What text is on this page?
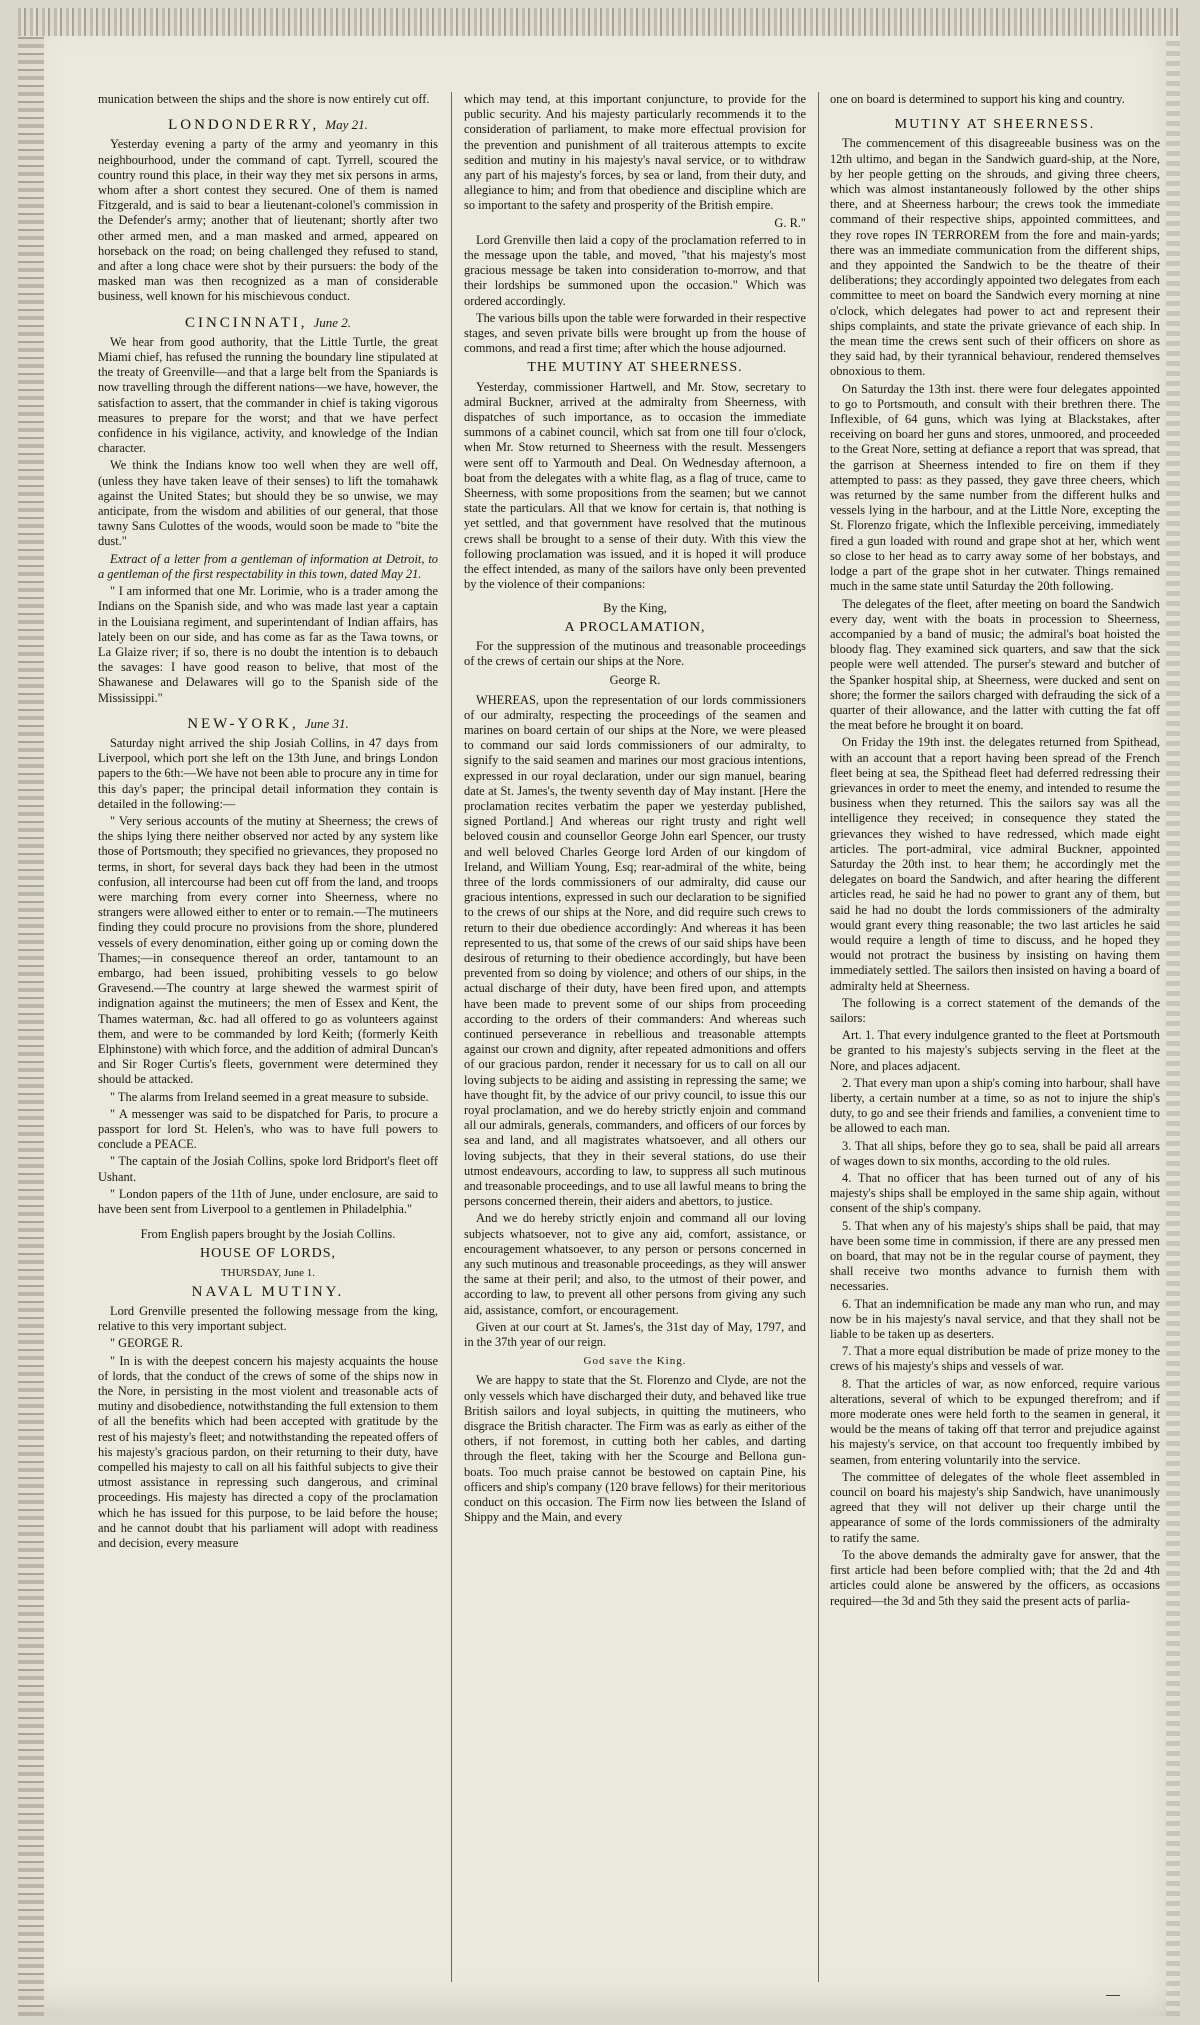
munication between the ships and the shore is now entirely cut off.

LONDONDERRY, May 21.

Yesterday evening a party of the army and yeomanry in this neighbourhood, under the command of capt. Tyrrell, scoured the country round this place, in their way they met six persons in arms, whom after a short contest they secured. One of them is named Fitzgerald, and is said to bear a lieutenant-colonel's commission in the Defender's army; another that of lieutenant; shortly after two other armed men, and a man masked and armed, appeared on horseback on the road; on being challenged they refused to stand, and after a long chace were shot by their pursuers: the body of the masked man was then recognized as a man of considerable business, well known for his mischievous conduct.

CINCINNATI, June 2.

We hear from good authority, that the Little Turtle, the great Miami chief, has refused the running the boundary line stipulated at the treaty of Greenville—and that a large belt from the Spaniards is now travelling through the different nations—we have, however, the satisfaction to assert, that the commander in chief is taking vigorous measures to prepare for the worst; and that we have perfect confidence in his vigilance, activity, and knowledge of the Indian character.

We think the Indians know too well when they are well off, (unless they have taken leave of their senses) to lift the tomahawk against the United States; but should they be so unwise, we may anticipate, from the wisdom and abilities of our general, that those tawny Sans Culottes of the woods, would soon be made to "bite the dust."

Extract of a letter from a gentleman of information at Detroit, to a gentleman of the first respectability in this town, dated May 21.

" I am informed that one Mr. Lorimie, who is a trader among the Indians on the Spanish side, and who was made last year a captain in the Louisiana regiment, and superintendant of Indian affairs, has lately been on our side, and has come as far as the Tawa towns, or La Glaize river; if so, there is no doubt the intention is to debauch the savages: I have good reason to belive, that most of the Shawanese and Delawares will go to the Spanish side of the Mississippi."

NEW-YORK, June 31.

Saturday night arrived the ship Josiah Collins, in 47 days from Liverpool, which port she left on the 13th June, and brings London papers to the 6th:—We have not been able to procure any in time for this day's paper; the principal detail information they contain is detailed in the following:—

" Very serious accounts of the mutiny at Sheerness; the crews of the ships lying there neither observed nor acted by any system like those of Portsmouth; they specified no grievances, they proposed no terms, in short, for several days back they had been in the utmost confusion, all intercourse had been cut off from the land, and troops were marching from every corner into Sheerness, where no strangers were allowed either to enter or to remain.—The mutineers finding they could procure no provisions from the shore, plundered vessels of every denomination, either going up or coming down the Thames;—in consequence thereof an order, tantamount to an embargo, had been issued, prohibiting vessels to go below Gravesend.—The country at large shewed the warmest spirit of indignation against the mutineers; the men of Essex and Kent, the Thames waterman, &c. had all offered to go as volunteers against them, and were to be commanded by lord Keith; (formerly Keith Elphinstone) with which force, and the addition of admiral Duncan's and Sir Roger Curtis's fleets, government were determined they should be attacked.

" The alarms from Ireland seemed in a great measure to subside.

" A messenger was said to be dispatched for Paris, to procure a passport for lord St. Helen's, who was to have full powers to conclude a PEACE.

" The captain of the Josiah Collins, spoke lord Bridport's fleet off Ushant.

" London papers of the 11th of June, under enclosure, are said to have been sent from Liverpool to a gentlemen in Philadelphia."

From English papers brought by the Josiah Collins.

HOUSE OF LORDS,

THURSDAY, June 1.

NAVAL MUTINY.

Lord Grenville presented the following message from the king, relative to this very important subject.

" GEORGE R.

" In is with the deepest concern his majesty acquaints the house of lords, that the conduct of the crews of some of the ships now in the Nore, in persisting in the most violent and treasonable acts of mutiny and disobedience, notwithstanding the full extension to them of all the benefits which had been accepted with gratitude by the rest of his majesty's fleet; and notwithstanding the repeated offers of his majesty's gracious pardon, on their returning to their duty, have compelled his majesty to call on all his faithful subjects to give their utmost assistance in repressing such dangerous, and criminal proceedings. His majesty has directed a copy of the proclamation which he has issued for this purpose, to be laid before the house; and he cannot doubt that his parliament will adopt with readiness and decision, every measure

which may tend, at this important conjuncture, to provide for the public security. And his majesty particularly recommends it to the consideration of parliament, to make more effectual provision for the prevention and punishment of all traiterous attempts to excite sedition and mutiny in his majesty's naval service, or to withdraw any part of his majesty's forces, by sea or land, from their duty, and allegiance to him; and from that obedience and discipline which are so important to the safety and prosperity of the British empire.

G. R."

Lord Grenville then laid a copy of the proclamation referred to in the message upon the table, and moved, "that his majesty's most gracious message be taken into consideration to-morrow, and that their lordships be summoned upon the occasion." Which was ordered accordingly.

The various bills upon the table were forwarded in their respective stages, and seven private bills were brought up from the house of commons, and read a first time; after which the house adjourned.

THE MUTINY AT SHEERNESS.

Yesterday, commissioner Hartwell, and Mr. Stow, secretary to admiral Buckner, arrived at the admiralty from Sheerness, with dispatches of such importance, as to occasion the immediate summons of a cabinet council, which sat from one till four o'clock, when Mr. Stow returned to Sheerness with the result. Messengers were sent off to Yarmouth and Deal. On Wednesday afternoon, a boat from the delegates with a white flag, as a flag of truce, came to Sheerness, with some propositions from the seamen; but we cannot state the particulars. All that we know for certain is, that nothing is yet settled, and that government have resolved that the mutinous crews shall be brought to a sense of their duty. With this view the following proclamation was issued, and it is hoped it will produce the effect intended, as many of the sailors have only been prevented by the violence of their companions:

By the King,

A PROCLAMATION,

For the suppression of the mutinous and treasonable proceedings of the crews of certain our ships at the Nore.

George R.

WHEREAS, upon the representation of our lords commissioners of our admiralty, respecting the proceedings of the seamen and marines on board certain of our ships at the Nore, we were pleased to command our said lords commissioners of our admiralty, to signify to the said seamen and marines our most gracious intentions, expressed in our royal declaration, under our sign manuel, bearing date at St. James's, the twenty seventh day of May instant. [Here the proclamation recites verbatim the paper we yesterday published, signed Portland.] And whereas our right trusty and right well beloved cousin and counsellor George John earl Spencer, our trusty and well beloved Charles George lord Arden of our kingdom of Ireland, and William Young, Esq; rear-admiral of the white, being three of the lords commissioners of our admiralty, did cause our gracious intentions, expressed in such our declaration to be signified to the crews of our ships at the Nore, and did require such crews to return to their due obedience accordingly: And whereas it has been represented to us, that some of the crews of our said ships have been desirous of returning to their obedience accordingly, but have been prevented from so doing by violence; and others of our ships, in the actual discharge of their duty, have been fired upon, and attempts have been made to prevent some of our ships from proceeding according to the orders of their commanders: And whereas such continued perseverance in rebellious and treasonable attempts against our crown and dignity, after repeated admonitions and offers of our gracious pardon, render it necessary for us to call on all our loving subjects to be aiding and assisting in repressing the same; we have thought fit, by the advice of our privy council, to issue this our royal proclamation, and we do hereby strictly enjoin and command all our admirals, generals, commanders, and officers of our forces by sea and land, and all magistrates whatsoever, and all others our loving subjects, that they in their several stations, do use their utmost endeavours, according to law, to suppress all such mutinous and treasonable proceedings, and to use all lawful means to bring the persons concerned therein, their aiders and abettors, to justice.

And we do hereby strictly enjoin and command all our loving subjects whatsoever, not to give any aid, comfort, assistance, or encouragement whatsoever, to any person or persons concerned in any such mutinous and treasonable proceedings, as they will answer the same at their peril; and also, to the utmost of their power, and according to law, to prevent all other persons from giving any such aid, assistance, comfort, or encouragement.

Given at our court at St. James's, the 31st day of May, 1797, and in the 37th year of our reign.

God save the King.

We are happy to state that the St. Florenzo and Clyde, are not the only vessels which have discharged their duty, and behaved like true British sailors and loyal subjects, in quitting the mutineers, who disgrace the British character. The Firm was as early as either of the others, if not foremost, in cutting both her cables, and darting through the fleet, taking with her the Scourge and Bellona gun-boats. Too much praise cannot be bestowed on captain Pine, his officers and ship's company (120 brave fellows) for their meritorious conduct on this occasion. The Firm now lies between the Island of Shippy and the Main, and every

one on board is determined to support his king and country.

MUTINY AT SHEERNESS.

The commencement of this disagreeable business was on the 12th ultimo, and began in the Sandwich guard-ship, at the Nore, by her people getting on the shrouds, and giving three cheers, which was almost instantaneously followed by the other ships there, and at Sheerness harbour; the crews took the immediate command of their respective ships, appointed committees, and they rove ropes IN TERROREM from the fore and main-yards; there was an immediate communication from the different ships, and they appointed the Sandwich to be the theatre of their deliberations; they accordingly appointed two delegates from each committee to meet on board the Sandwich every morning at nine o'clock, which delegates had power to act and represent their ships complaints, and state the private grievance of each ship. In the mean time the crews sent such of their officers on shore as they said had, by their tyrannical behaviour, rendered themselves obnoxious to them.

On Saturday the 13th inst. there were four delegates appointed to go to Portsmouth, and consult with their brethren there. The Inflexible, of 64 guns, which was lying at Blackstakes, after receiving on board her guns and stores, unmoored, and proceeded to the Great Nore, setting at defiance a report that was spread, that the garrison at Sheerness intended to fire on them if they attempted to pass: as they passed, they gave three cheers, which was returned by the same number from the different hulks and vessels lying in the harbour, and at the Little Nore, excepting the St. Florenzo frigate, which the Inflexible perceiving, immediately fired a gun loaded with round and grape shot at her, which went so close to her head as to carry away some of her bobstays, and lodge a part of the grape shot in her cutwater. Things remained much in the same state until Saturday the 20th following.

The delegates of the fleet, after meeting on board the Sandwich every day, went with the boats in procession to Sheerness, accompanied by a band of music; the admiral's boat hoisted the bloody flag. They examined sick quarters, and saw that the sick people were well attended. The purser's steward and butcher of the Spanker hospital ship, at Sheerness, were ducked and sent on shore; the former the sailors charged with defrauding the sick of a quarter of their allowance, and the latter with cutting the fat off the meat before he brought it on board.

On Friday the 19th inst. the delegates returned from Spithead, with an account that a report having been spread of the French fleet being at sea, the Spithead fleet had deferred redressing their grievances in order to meet the enemy, and intended to resume the business when they returned. This the sailors say was all the intelligence they received; in consequence they stated the grievances they wished to have redressed, which made eight articles. The port-admiral, vice admiral Buckner, appointed Saturday the 20th inst. to hear them; he accordingly met the delegates on board the Sandwich, and after hearing the different articles read, he said he had no power to grant any of them, but said he had no doubt the lords commissioners of the admiralty would grant every thing reasonable; the two last articles he said would require a length of time to discuss, and he hoped they would not protract the business by insisting on having them immediately settled. The sailors then insisted on having a board of admiralty held at Sheerness.

The following is a correct statement of the demands of the sailors:

Art. 1. That every indulgence granted to the fleet at Portsmouth be granted to his majesty's subjects serving in the fleet at the Nore, and places adjacent.

2. That every man upon a ship's coming into harbour, shall have liberty, a certain number at a time, so as not to injure the ship's duty, to go and see their friends and families, a convenient time to be allowed to each man.

3. That all ships, before they go to sea, shall be paid all arrears of wages down to six months, according to the old rules.

4. That no officer that has been turned out of any of his majesty's ships shall be employed in the same ship again, without consent of the ship's company.

5. That when any of his majesty's ships shall be paid, that may have been some time in commission, if there are any pressed men on board, that may not be in the regular course of payment, they shall receive two months advance to furnish them with necessaries.

6. That an indemnification be made any man who run, and may now be in his majesty's naval service, and that they shall not be liable to be taken up as deserters.

7. That a more equal distribution be made of prize money to the crews of his majesty's ships and vessels of war.

8. That the articles of war, as now enforced, require various alterations, several of which to be expunged therefrom; and if more moderate ones were held forth to the seamen in general, it would be the means of taking off that terror and prejudice against his majesty's service, on that account too frequently imbibed by seamen, from entering voluntarily into the service.

The committee of delegates of the whole fleet assembled in council on board his majesty's ship Sandwich, have unanimously agreed that they will not deliver up their charge until the appearance of some of the lords commissioners of the admiralty to ratify the same.

To the above demands the admiralty gave for answer, that the first article had been before complied with; that the 2d and 4th articles could alone be answered by the officers, as occasions required—the 3d and 5th they said the present acts of parlia-
